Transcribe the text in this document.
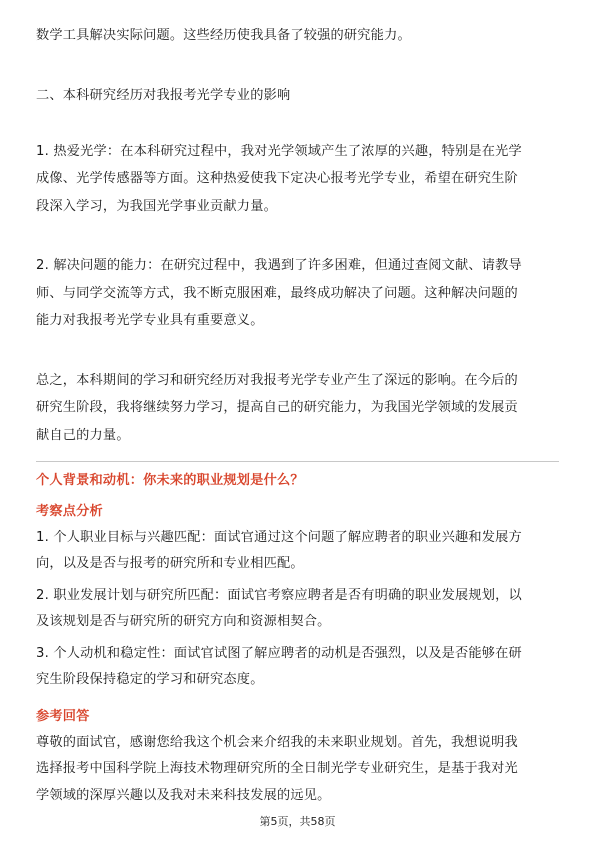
数学工具解决实际问题。这些经历使我具备了较强的研究能力。
二、本科研究经历对我报考光学专业的影响
1. 热爱光学：在本科研究过程中，我对光学领域产生了浓厚的兴趣，特别是在光学
成像、光学传感器等方面。这种热爱使我下定决心报考光学专业，希望在研究生阶
段深入学习，为我国光学事业贡献力量。
2. 解决问题的能力：在研究过程中，我遇到了许多困难，但通过查阅文献、请教导
师、与同学交流等方式，我不断克服困难，最终成功解决了问题。这种解决问题的
能力对我报考光学专业具有重要意义。
总之，本科期间的学习和研究经历对我报考光学专业产生了深远的影响。在今后的
研究生阶段，我将继续努力学习，提高自己的研究能力，为我国光学领域的发展贡
献自己的力量。
个人背景和动机：你未来的职业规划是什么？
考察点分析
1. 个人职业目标与兴趣匹配：面试官通过这个问题了解应聘者的职业兴趣和发展方
向，以及是否与报考的研究所和专业相匹配。
2. 职业发展计划与研究所匹配：面试官考察应聘者是否有明确的职业发展规划，以
及该规划是否与研究所的研究方向和资源相契合。
3. 个人动机和稳定性：面试官试图了解应聘者的动机是否强烈，以及是否能够在研
究生阶段保持稳定的学习和研究态度。
参考回答
尊敬的面试官，感谢您给我这个机会来介绍我的未来职业规划。首先，我想说明我
选择报考中国科学院上海技术物理研究所的全日制光学专业研究生，是基于我对光
学领域的深厚兴趣以及我对未来科技发展的远见。
第5页，共58页
